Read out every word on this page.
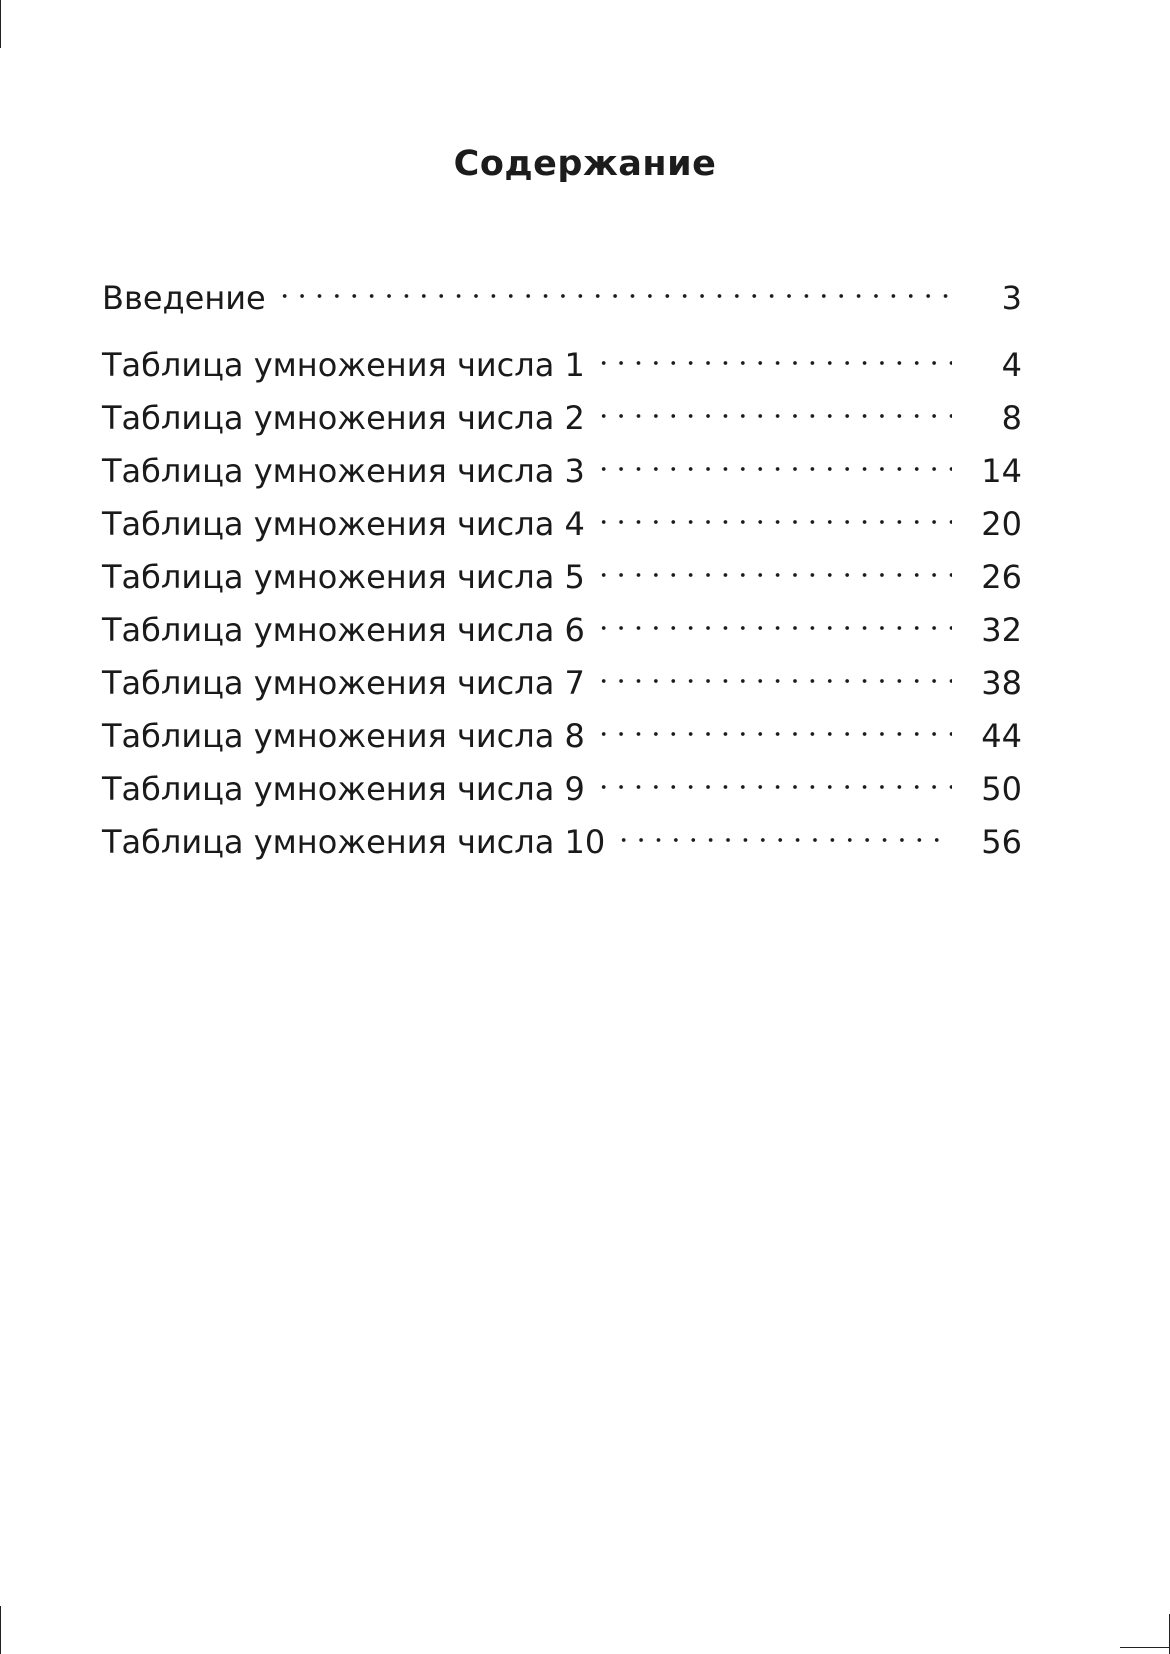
Содержание
Введение	3
Таблица умножения числа 1	4
Таблица умножения числа 2	8
Таблица умножения числа 3	14
Таблица умножения числа 4	20
Таблица умножения числа 5	26
Таблица умножения числа 6	32
Таблица умножения числа 7	38
Таблица умножения числа 8	44
Таблица умножения числа 9	50
Таблица умножения числа 10	56
